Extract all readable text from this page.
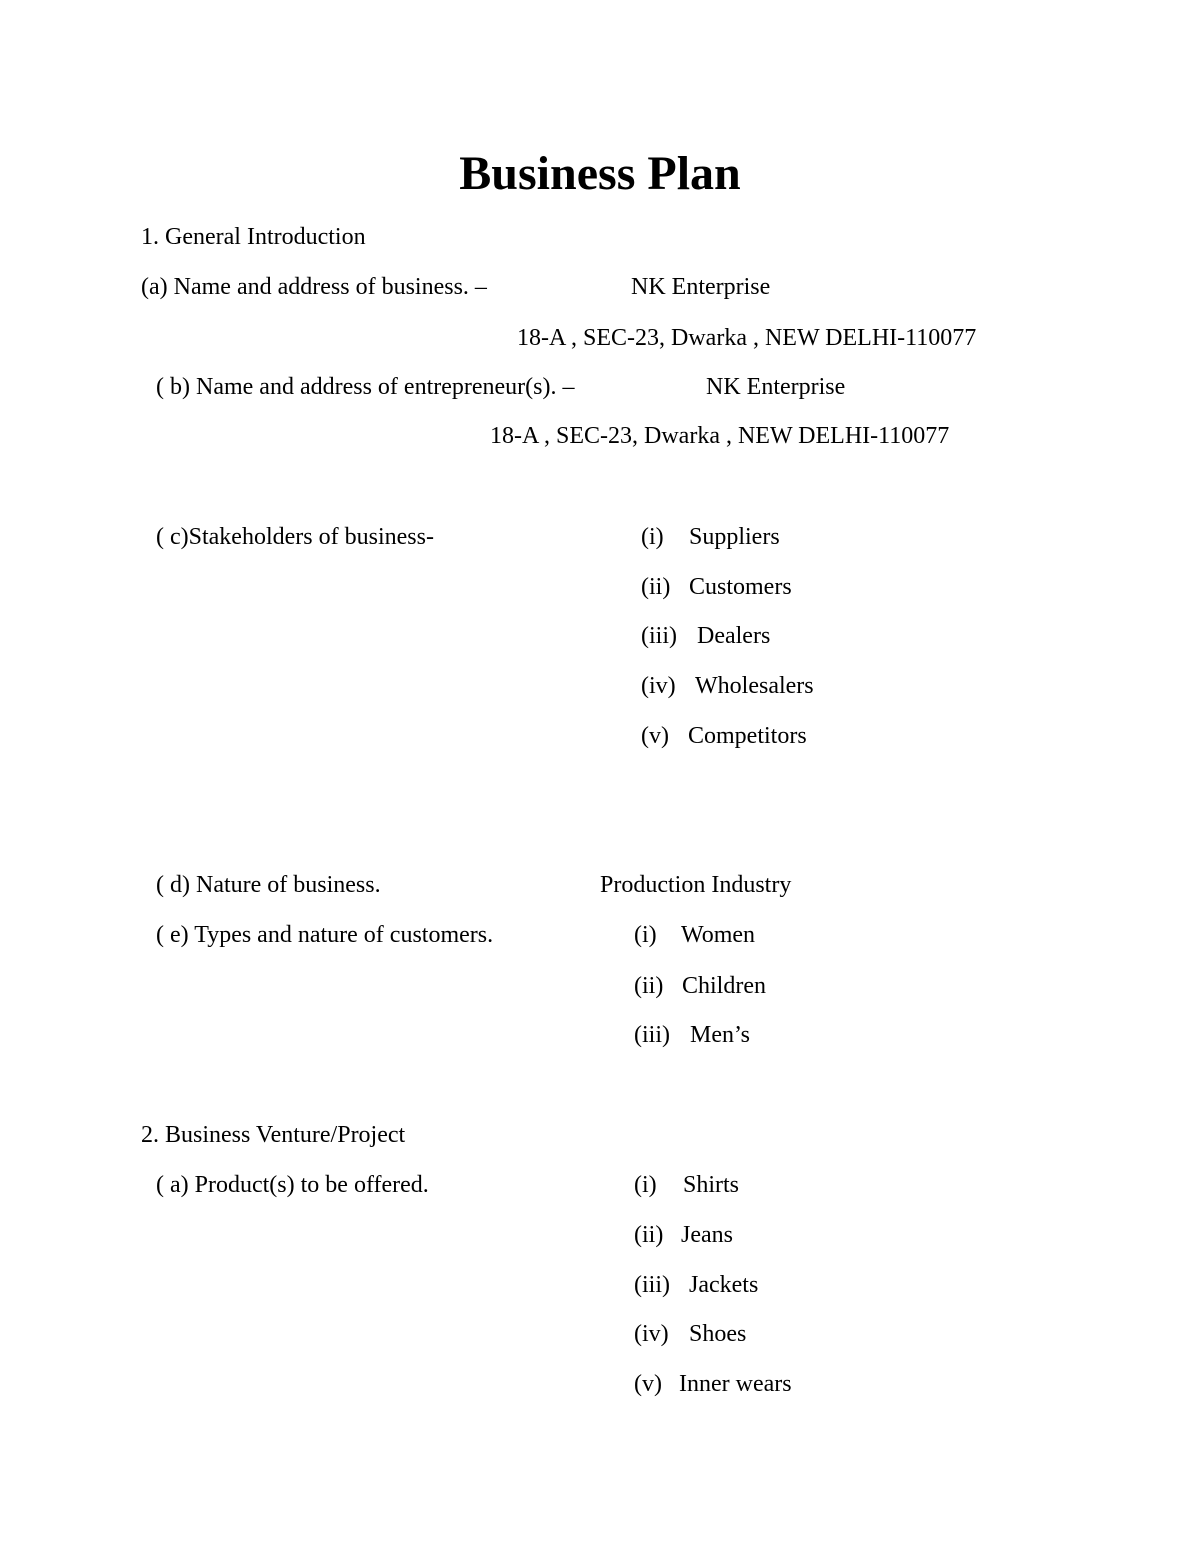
Business Plan
1. General Introduction
(a) Name and address of business. –	NK Enterprise
18-A , SEC-23, Dwarka , NEW DELHI-110077
( b) Name and address of entrepreneur(s). –	NK Enterprise
18-A , SEC-23, Dwarka , NEW DELHI-110077
( c)Stakeholders of business-	(i) Suppliers
(ii) Customers
(iii) Dealers
(iv) Wholesalers
(v) Competitors
( d) Nature of business.	Production Industry
( e) Types and nature of customers.	(i) Women
(ii) Children
(iii) Men’s
2. Business Venture/Project
( a) Product(s) to be offered.	(i) Shirts
(ii) Jeans
(iii) Jackets
(iv) Shoes
(v) Inner wears
